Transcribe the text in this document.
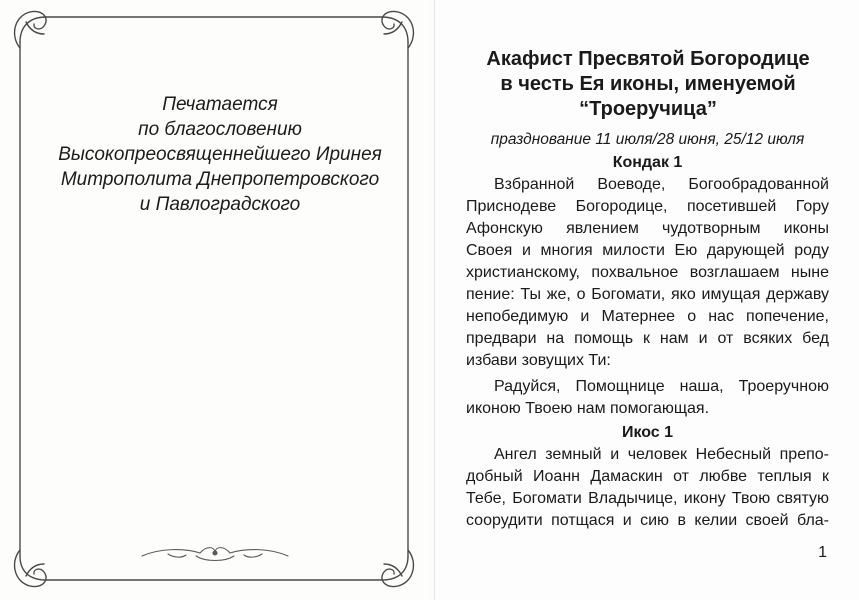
Печатается
по благословению
Высокопреосвященнейшего Иринея
Митрополита Днепропетровского
и Павлоградского
Акафист Пресвятой Богородице
в честь Ея иконы, именуемой
“Троеручица”
празднование 11 июля/28 июня, 25/12 июля
Кондак 1
Взбранной Воеводе, Богообрадованной
Приснодеве Богородице, посетившей Гору
Афонскую явлением чудотворным иконы
Своея и многия милости Ею дарующей роду
христианскому, похвальное возглашаем ныне
пение: Ты же, о Богомати, яко имущая державу
непобедимую и Матернее о нас попечение,
предвари на помощь к нам и от всяких бед
избави зовущих Ти:
Радуйся, Помощнице наша, Троеручною
иконою Твоею нам помогающая.
Икос 1
Ангел земный и человек Небесный препо-
добный Иоанн Дамаскин от любве теплыя к
Тебе, Богомати Владычице, икону Твою святую
соорудити потщася и сию в келии своей бла-
1
